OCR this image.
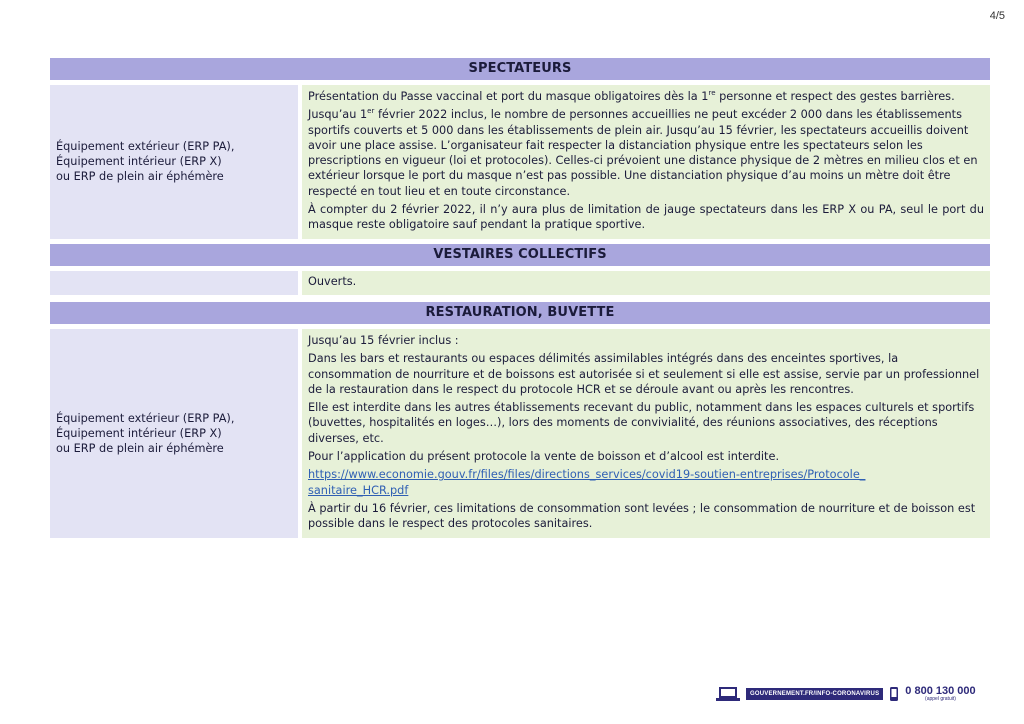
4/5
SPECTATEURS
Équipement extérieur (ERP PA),
Équipement intérieur (ERP X)
ou ERP de plein air éphémère

Présentation du Passe vaccinal et port du masque obligatoires dès la 1re personne et respect des gestes barrières.

Jusqu’au 1er février 2022 inclus, le nombre de personnes accueillies ne peut excéder 2 000 dans les établissements sportifs couverts et 5 000 dans les établissements de plein air. Jusqu’au 15 février, les spectateurs accueillis doivent avoir une place assise. L’organisateur fait respecter la distanciation physique entre les spectateurs selon les prescriptions en vigueur (loi et protocoles). Celles-ci prévoient une distance physique de 2 mètres en milieu clos et en extérieur lorsque le port du masque n’est pas possible. Une distanciation physique d’au moins un mètre doit être respecté en tout lieu et en toute circonstance.

À compter du 2 février 2022, il n’y aura plus de limitation de jauge spectateurs dans les ERP X ou PA, seul le port du masque reste obligatoire sauf pendant la pratique sportive.

VESTAIRES COLLECTIFS

Ouverts.

RESTAURATION, BUVETTE
Équipement extérieur (ERP PA),
Équipement intérieur (ERP X)
ou ERP de plein air éphémère

Jusqu’au 15 février inclus :

Dans les bars et restaurants ou espaces délimités assimilables intégrés dans des enceintes sportives, la consommation de nourriture et de boissons est autorisée si et seulement si elle est assise, servie par un professionnel de la restauration dans le respect du protocole HCR et se déroule avant ou après les rencontres.

Elle est interdite dans les autres établissements recevant du public, notamment dans les espaces culturels et sportifs (buvettes, hospitalités en loges…), lors des moments de convivialité, des réunions associatives, des réceptions diverses, etc.

Pour l’application du présent protocole la vente de boisson et d’alcool est interdite.

https://www.economie.gouv.fr/files/files/directions_services/covid19-soutien-entreprises/Protocole_
sanitaire_HCR.pdf

À partir du 16 février, ces limitations de consommation sont levées ; le consommation de nourriture et de boisson est possible dans le respect des protocoles sanitaires.

GOUVERNEMENT.FR/INFO-CORONAVIRUS	0 800 130 000
(appel gratuit)
